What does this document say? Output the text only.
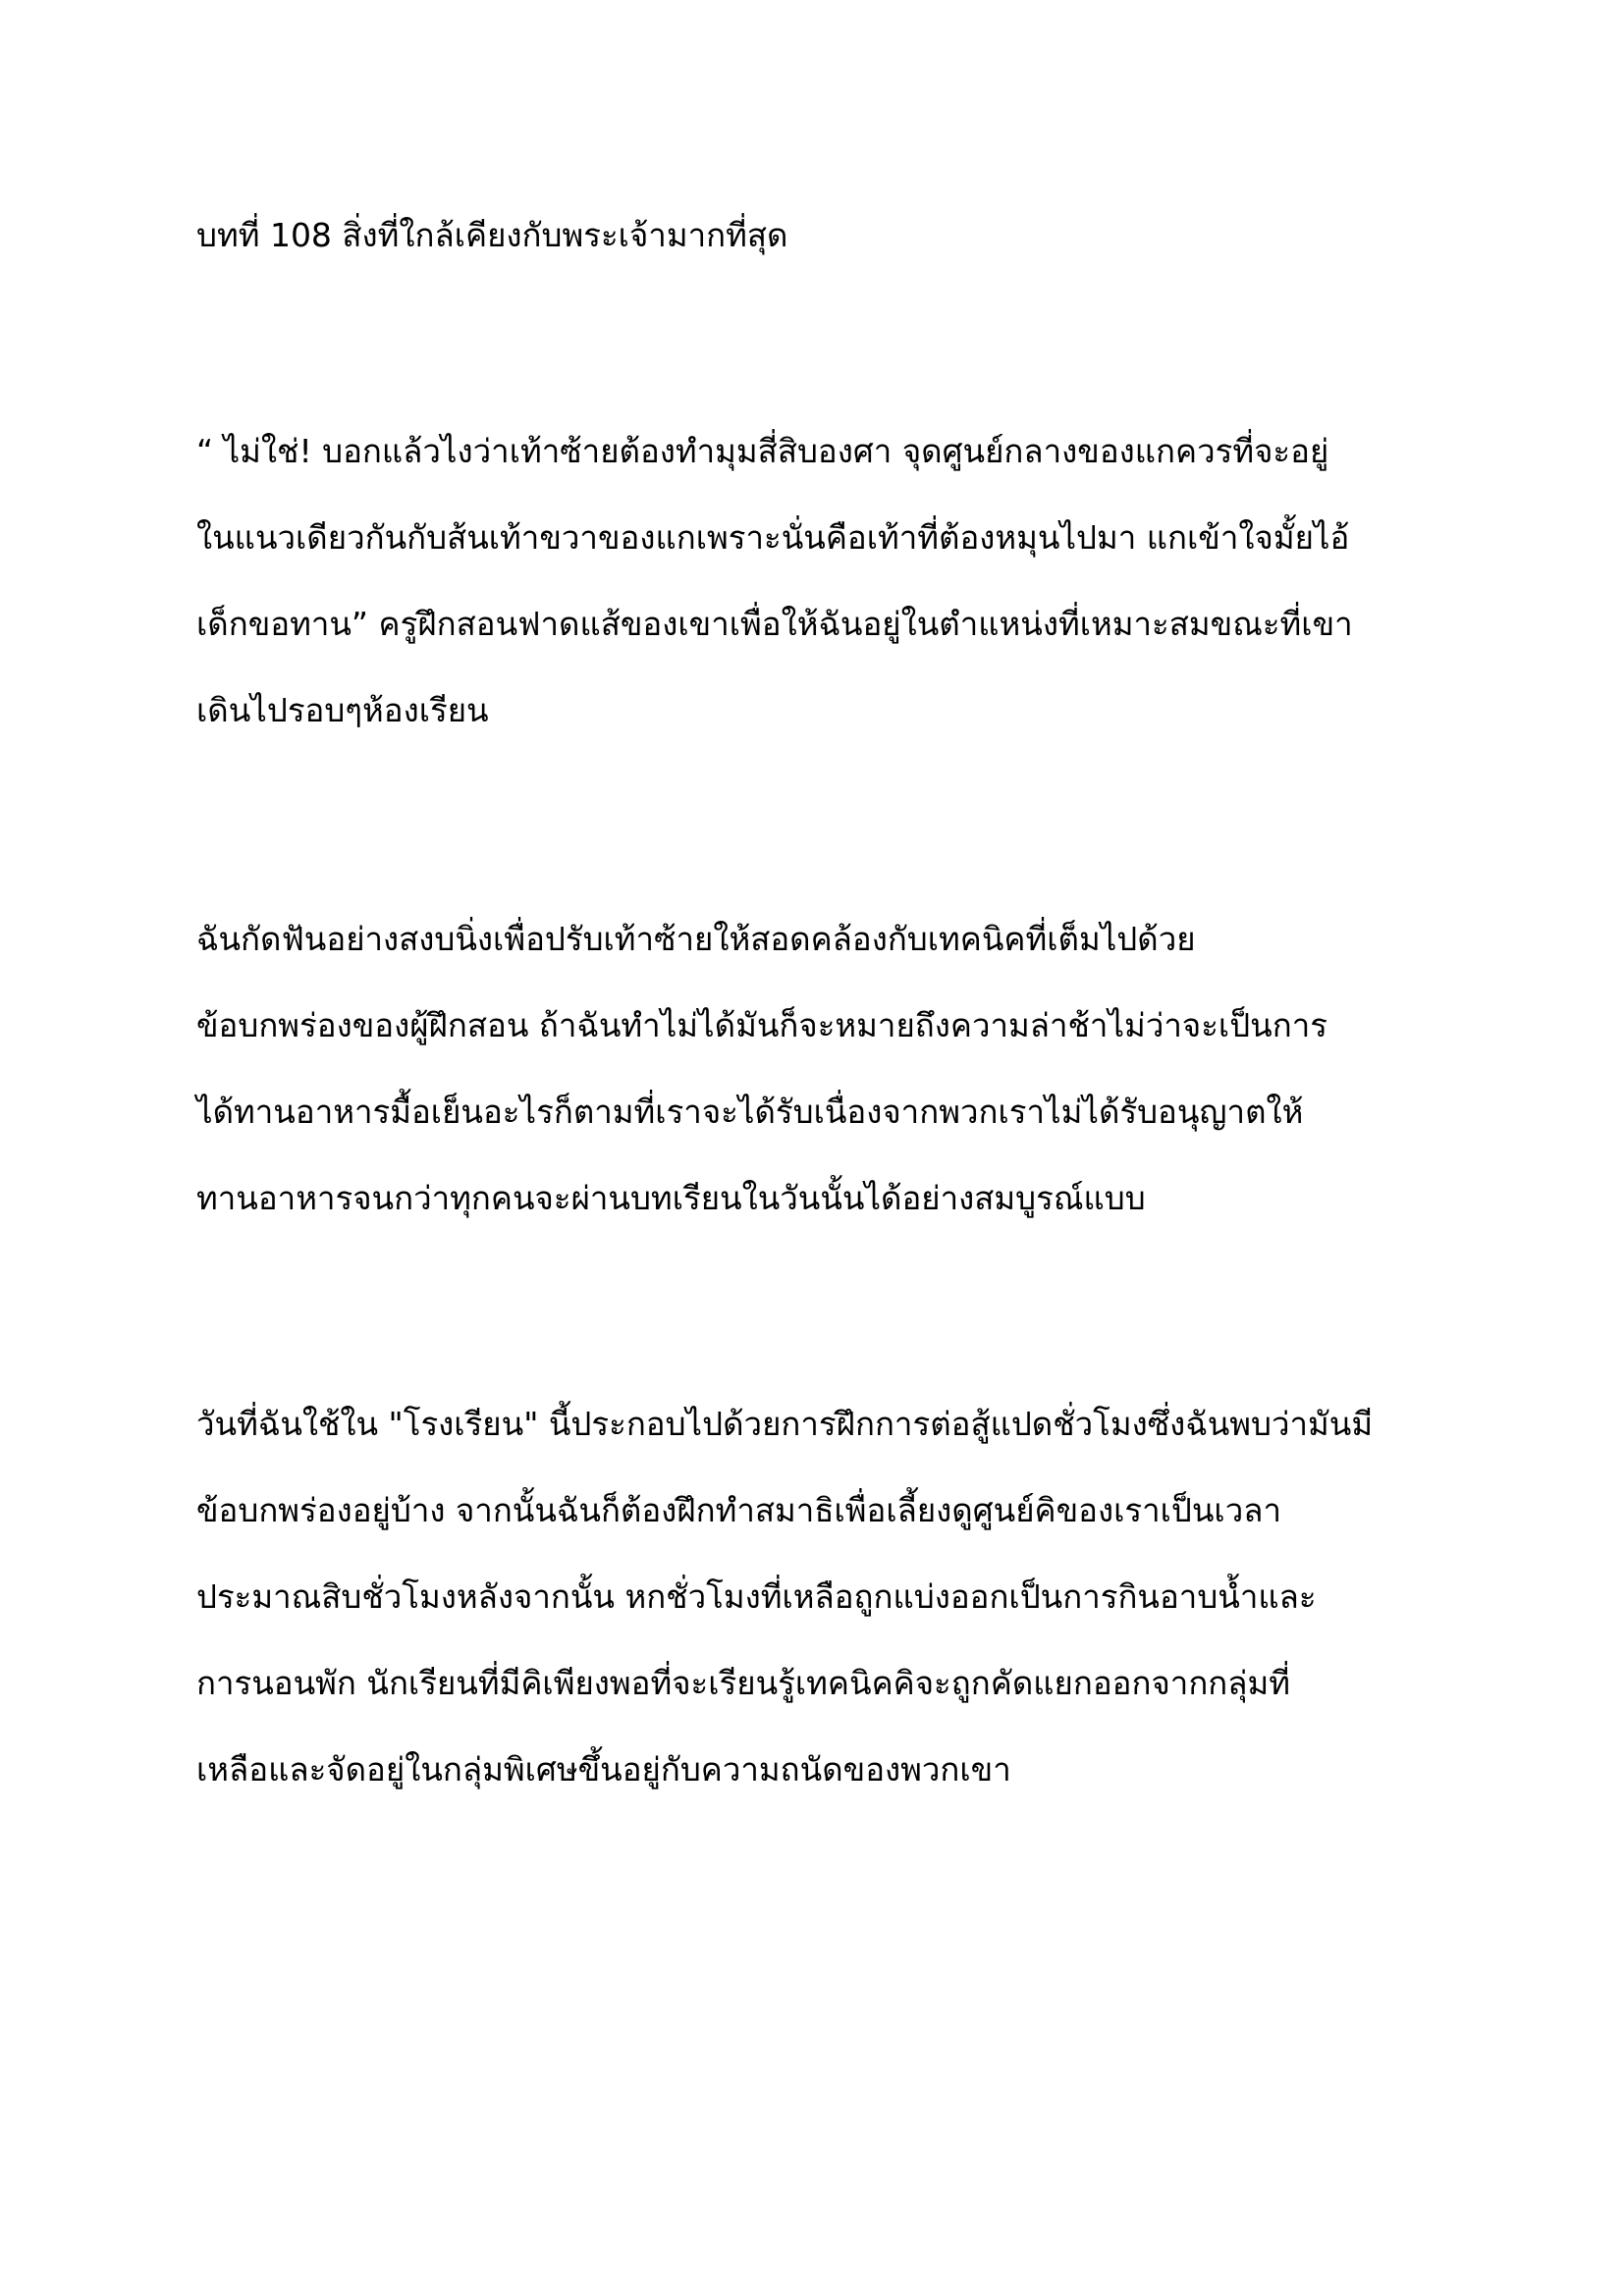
บทที่ 108 สิ่งที่ใกล้เคียงกับพระเจ้ามากที่สุด
“ ไม่ใช่! บอกแล้วไงว่าเท้าซ้ายต้องทำมุมสี่สิบองศา จุดศูนย์กลางของแกควรที่จะอยู่
ในแนวเดียวกันกับส้นเท้าขวาของแกเพราะนั่นคือเท้าที่ต้องหมุนไปมา แกเข้าใจมั้ยไอ้
เด็กขอทาน” ครูฝึกสอนฟาดแส้ของเขาเพื่อให้ฉันอยู่ในตำแหน่งที่เหมาะสมขณะที่เขา
เดินไปรอบๆห้องเรียน
ฉันกัดฟันอย่างสงบนิ่งเพื่อปรับเท้าซ้ายให้สอดคล้องกับเทคนิคที่เต็มไปด้วย
ข้อบกพร่องของผู้ฝึกสอน ถ้าฉันทำไม่ได้มันก็จะหมายถึงความล่าช้าไม่ว่าจะเป็นการ
ได้ทานอาหารมื้อเย็นอะไรก็ตามที่เราจะได้รับเนื่องจากพวกเราไม่ได้รับอนุญาตให้
ทานอาหารจนกว่าทุกคนจะผ่านบทเรียนในวันนั้นได้อย่างสมบูรณ์แบบ
วันที่ฉันใช้ใน "โรงเรียน" นี้ประกอบไปด้วยการฝึกการต่อสู้แปดชั่วโมงซึ่งฉันพบว่ามันมี
ข้อบกพร่องอยู่บ้าง จากนั้นฉันก็ต้องฝึกทำสมาธิเพื่อเลี้ยงดูศูนย์คิของเราเป็นเวลา
ประมาณสิบชั่วโมงหลังจากนั้น หกชั่วโมงที่เหลือถูกแบ่งออกเป็นการกินอาบน้ำและ
การนอนพัก นักเรียนที่มีคิเพียงพอที่จะเรียนรู้เทคนิคคิจะถูกคัดแยกออกจากกลุ่มที่
เหลือและจัดอยู่ในกลุ่มพิเศษขึ้นอยู่กับความถนัดของพวกเขา
